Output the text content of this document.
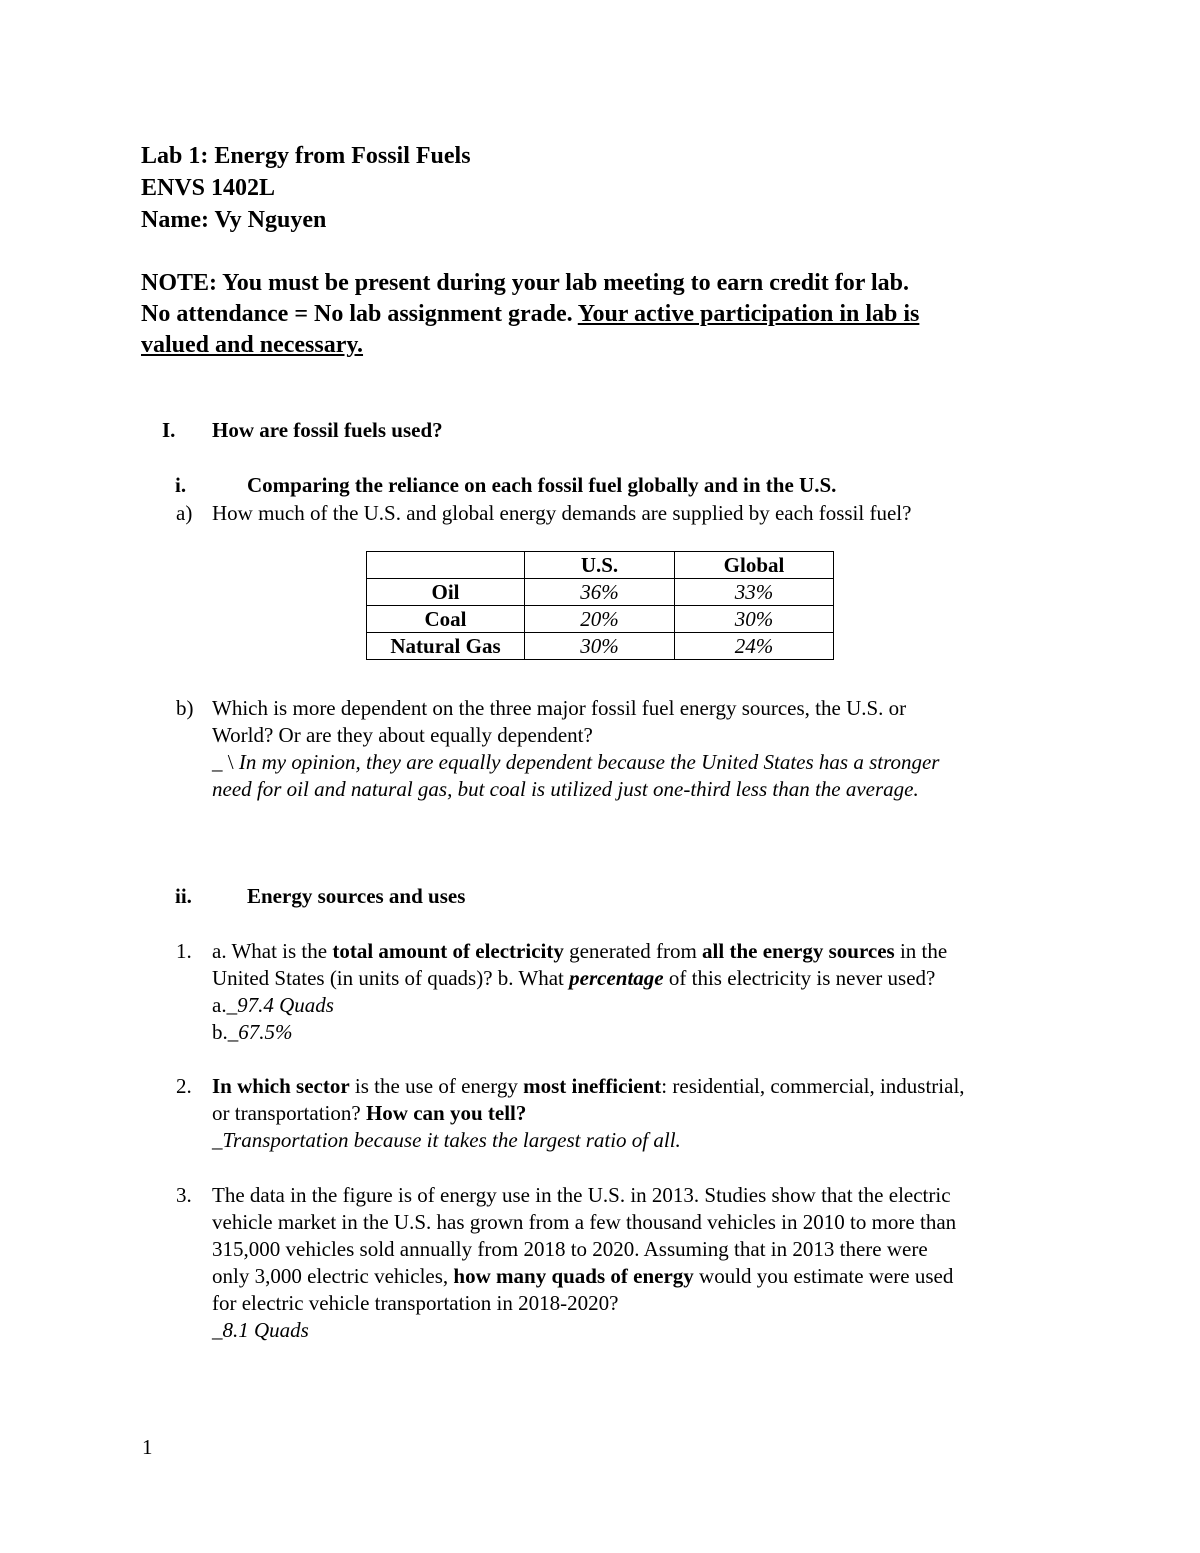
Lab 1: Energy from Fossil Fuels

ENVS 1402L

Name: Vy Nguyen

NOTE: You must be present during your lab meeting to earn credit for lab.

No attendance = No lab assignment grade. Your active participation in lab is

valued and necessary.

I. How are fossil fuels used?

i.	Comparing the reliance on each fossil fuel globally and in the U.S.

a) How much of the U.S. and global energy demands are supplied by each fossil fuel?

	U.S.	Global
Oil	36%	33%
Coal	20%	30%
Natural Gas	30%	24%
b) Which is more dependent on the three major fossil fuel energy sources, the U.S. or

World? Or are they about equally dependent?

_ \ In my opinion, they are equally dependent because the United States has a stronger

need for oil and natural gas, but coal is utilized just one-third less than the average.

ii.	Energy sources and uses

1. a. What is the total amount of electricity generated from all the energy sources in the

United States (in units of quads)? b. What percentage of this electricity is never used?

a._97.4 Quads

b._67.5%

2. In which sector is the use of energy most inefficient: residential, commercial, industrial,

or transportation? How can you tell?

_Transportation because it takes the largest ratio of all.

3. The data in the figure is of energy use in the U.S. in 2013. Studies show that the electric

vehicle market in the U.S. has grown from a few thousand vehicles in 2010 to more than

315,000 vehicles sold annually from 2018 to 2020. Assuming that in 2013 there were

only 3,000 electric vehicles, how many quads of energy would you estimate were used

for electric vehicle transportation in 2018-2020?

_8.1 Quads

1
